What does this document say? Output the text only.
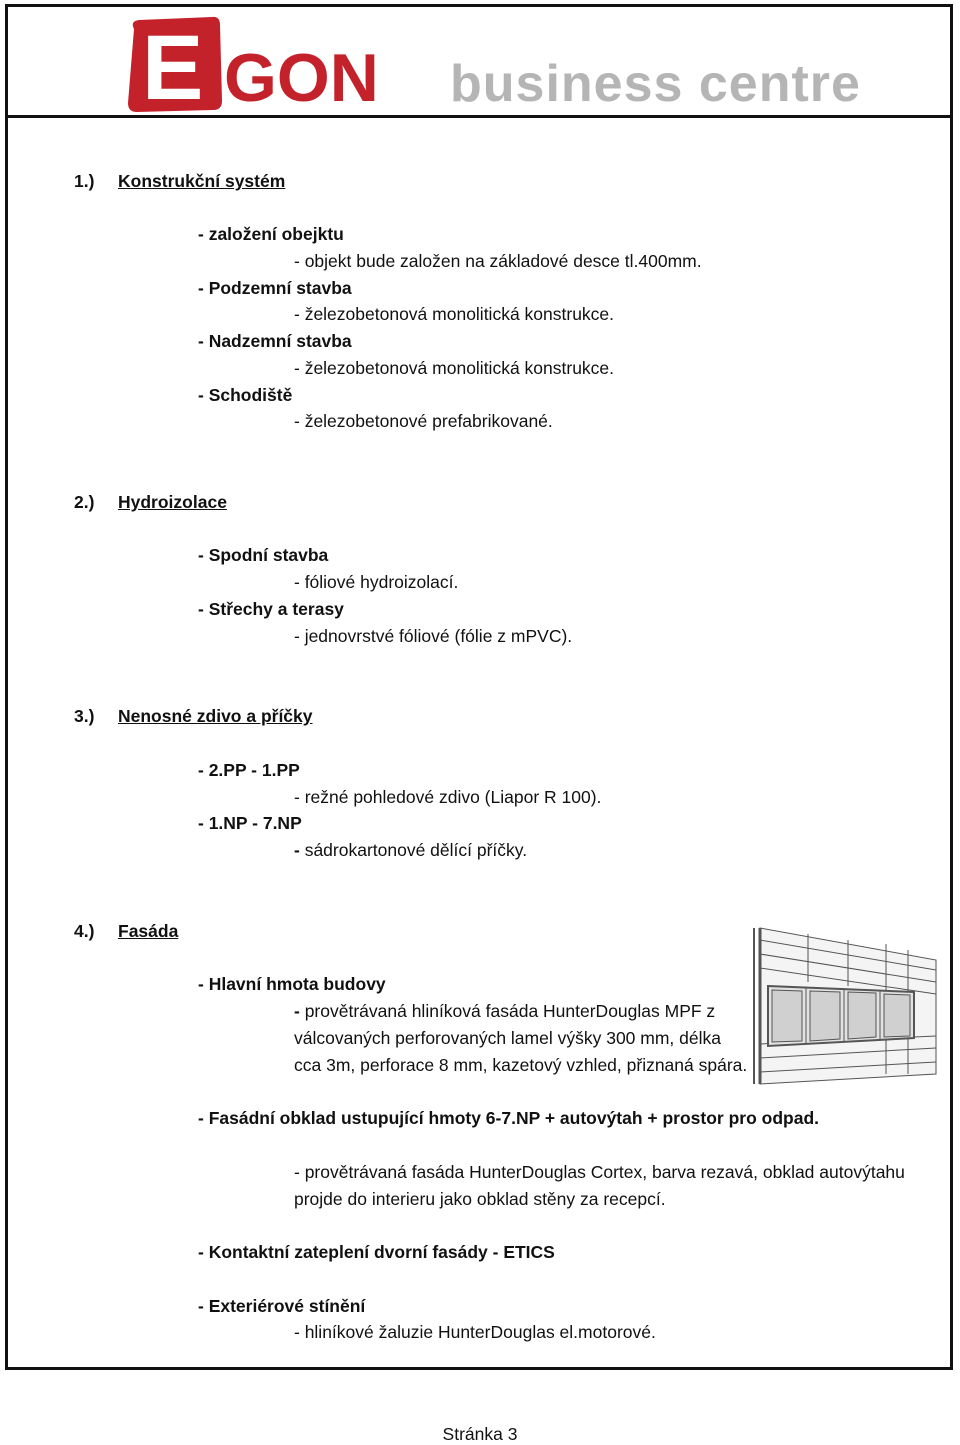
E GON business centre
1.) Konstrukční systém
- založení obejktu
- objekt bude založen na základové desce tl.400mm.
- Podzemní stavba
- železobetonová monolitická konstrukce.
- Nadzemní stavba
- železobetonová monolitická konstrukce.
- Schodiště
- železobetonové prefabrikované.
2.) Hydroizolace
- Spodní stavba
- fóliové hydroizolací.
- Střechy a terasy
- jednovrstvé fóliové (fólie z mPVC).
3.) Nenosné zdivo a příčky
- 2.PP - 1.PP
- režné pohledové zdivo (Liapor R 100).
- 1.NP - 7.NP
- sádrokartonové dělící příčky.
4.) Fasáda
- Hlavní hmota budovy
- provětrávaná hliníková fasáda HunterDouglas MPF z válcovaných perforovaných lamel výšky 300 mm, délka cca 3m, perforace 8 mm, kazetový vzhled, přiznaná spára.
- Fasádní obklad ustupující hmoty 6-7.NP + autovýtah + prostor pro odpad.
- provětrávaná fasáda HunterDouglas Cortex, barva rezavá, obklad autovýtahu projde do interieru jako obklad stěny za recepcí.
- Kontaktní zateplení dvorní fasády - ETICS
- Exteriérové stínění
- hliníkové žaluzie HunterDouglas el.motorové.
Stránka 3
